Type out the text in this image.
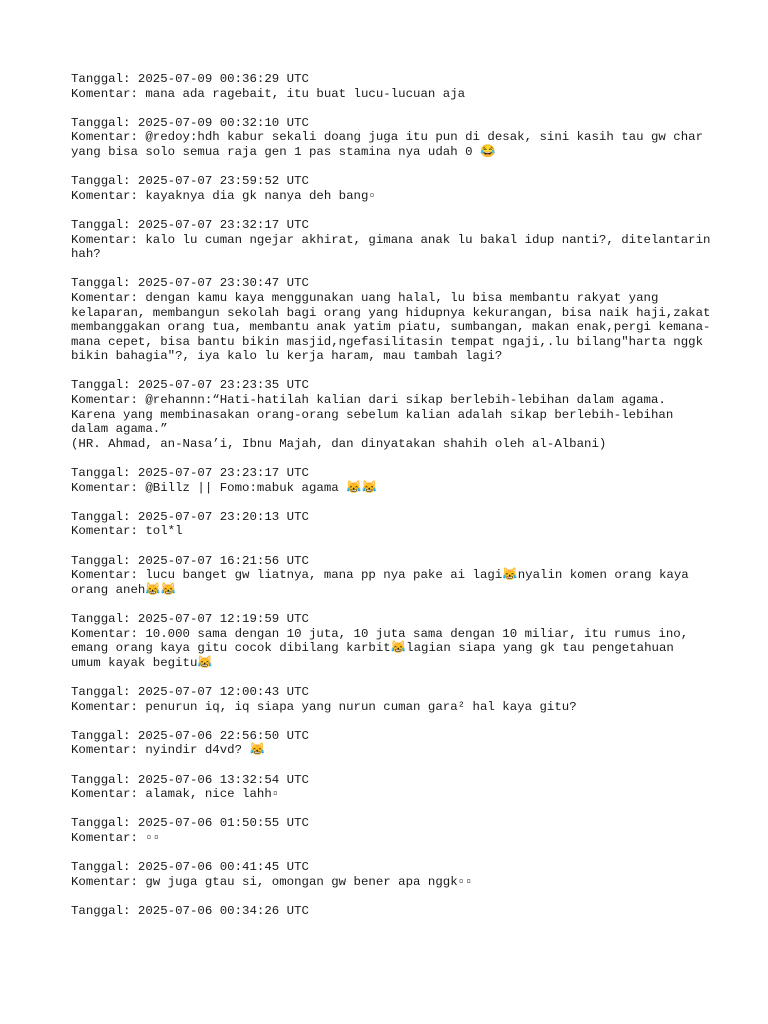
Tanggal: 2025-07-09 00:36:29 UTC
Komentar: mana ada ragebait, itu buat lucu-lucuan aja
Tanggal: 2025-07-09 00:32:10 UTC
Komentar: @redoy:hdh kabur sekali doang juga itu pun di desak, sini kasih tau gw char yang bisa solo semua raja gen 1 pas stamina nya udah 0 😂
Tanggal: 2025-07-07 23:59:52 UTC
Komentar: kayaknya dia gk nanya deh bang▫
Tanggal: 2025-07-07 23:32:17 UTC
Komentar: kalo lu cuman ngejar akhirat, gimana anak lu bakal idup nanti?, ditelantarin hah?
Tanggal: 2025-07-07 23:30:47 UTC
Komentar: dengan kamu kaya menggunakan uang halal, lu bisa membantu rakyat yang kelaparan, membangun sekolah bagi orang yang hidupnya kekurangan, bisa naik haji,zakat membanggakan orang tua, membantu anak yatim piatu, sumbangan, makan enak,pergi kemana-mana cepet, bisa bantu bikin masjid,ngefasilitasin tempat ngaji,.lu bilang"harta nggk bikin bahagia"?, iya kalo lu kerja haram, mau tambah lagi?
Tanggal: 2025-07-07 23:23:35 UTC
Komentar: @rehannn:“Hati-hatilah kalian dari sikap berlebih-lebihan dalam agama. Karena yang membinasakan orang-orang sebelum kalian adalah sikap berlebih-lebihan dalam agama.”
(HR. Ahmad, an-Nasa’i, Ibnu Majah, dan dinyatakan shahih oleh al-Albani)
Tanggal: 2025-07-07 23:23:17 UTC
Komentar: @Billz || Fomo:mabuk agama 😹😹
Tanggal: 2025-07-07 23:20:13 UTC
Komentar: tol*l
Tanggal: 2025-07-07 16:21:56 UTC
Komentar: lucu banget gw liatnya, mana pp nya pake ai lagi😹nyalin komen orang kaya orang aneh😹😹
Tanggal: 2025-07-07 12:19:59 UTC
Komentar: 10.000 sama dengan 10 juta, 10 juta sama dengan 10 miliar, itu rumus ino, emang orang kaya gitu cocok dibilang karbit😹lagian siapa yang gk tau pengetahuan umum kayak begitu😹
Tanggal: 2025-07-07 12:00:43 UTC
Komentar: penurun iq, iq siapa yang nurun cuman gara² hal kaya gitu?
Tanggal: 2025-07-06 22:56:50 UTC
Komentar: nyindir d4vd? 😹
Tanggal: 2025-07-06 13:32:54 UTC
Komentar: alamak, nice lahh▫
Tanggal: 2025-07-06 01:50:55 UTC
Komentar: ▫▫
Tanggal: 2025-07-06 00:41:45 UTC
Komentar: gw juga gtau si, omongan gw bener apa nggk▫▫
Tanggal: 2025-07-06 00:34:26 UTC
